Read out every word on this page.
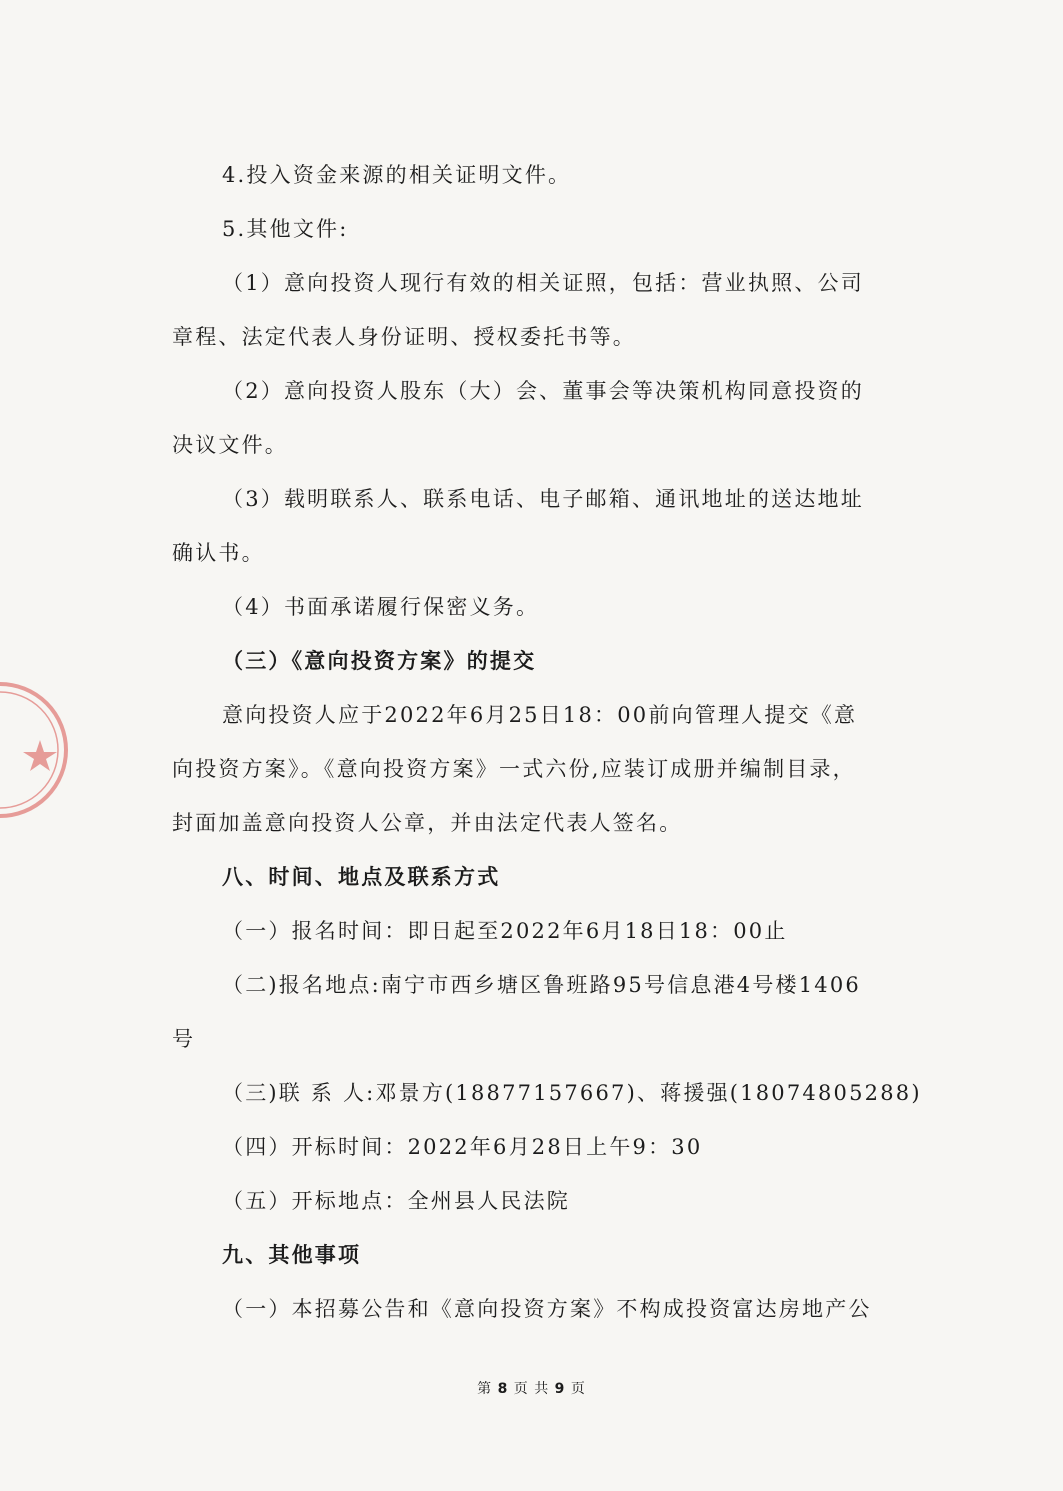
4.投入资金来源的相关证明文件。
5.其他文件:
（1）意向投资人现行有效的相关证照，包括：营业执照、公司
章程、法定代表人身份证明、授权委托书等。
（2）意向投资人股东（大）会、董事会等决策机构同意投资的
决议文件。
（3）载明联系人、联系电话、电子邮箱、通讯地址的送达地址
确认书。
（4）书面承诺履行保密义务。
（三）《意向投资方案》的提交
意向投资人应于2022年6月25日18：00前向管理人提交《意
向投资方案》。《意向投资方案》一式六份,应装订成册并编制目录，
封面加盖意向投资人公章，并由法定代表人签名。
八、时间、地点及联系方式
（一）报名时间：即日起至2022年6月18日18：00止
（二)报名地点:南宁市西乡塘区鲁班路95号信息港4号楼1406
号
（三)联 系 人:邓景方(18877157667)、蒋援强(18074805288)
（四）开标时间：2022年6月28日上午9：30
（五）开标地点：全州县人民法院
九、其他事项
（一）本招募公告和《意向投资方案》不构成投资富达房地产公
第 8 页 共 9 页
